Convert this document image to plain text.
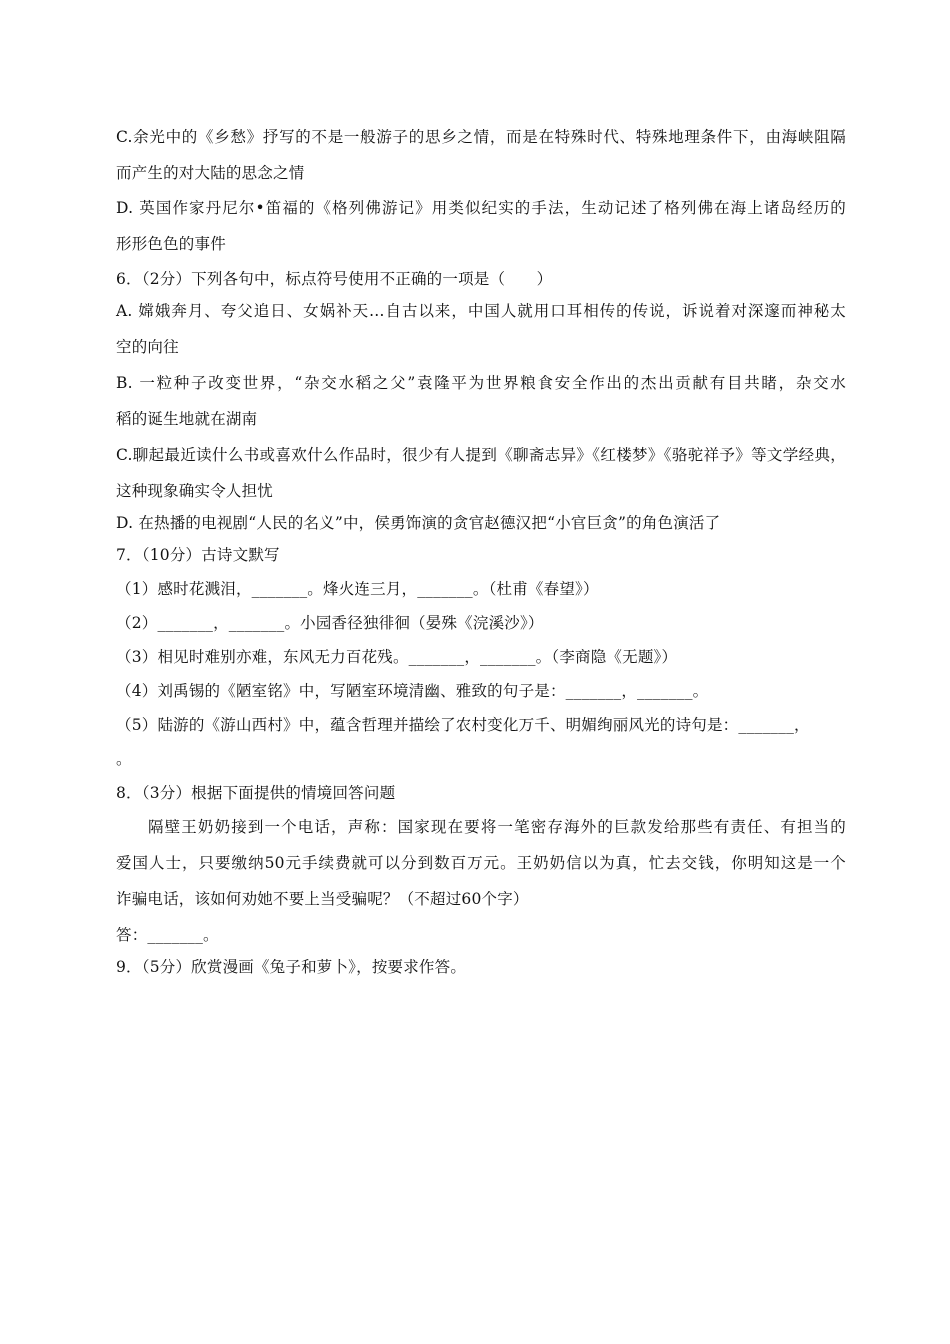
C.余光中的《乡愁》抒写的不是一般游子的思乡之情，而是在特殊时代、特殊地理条件下，由海峡阻隔
而产生的对大陆的思念之情
D. 英国作家丹尼尔•笛福的《格列佛游记》用类似纪实的手法，生动记述了格列佛在海上诸岛经历的
形形色色的事件
6．（2分）下列各句中，标点符号使用不正确的一项是（　　）
A. 嫦娥奔月、夸父追日、女娲补天…自古以来，中国人就用口耳相传的传说，诉说着对深邃而神秘太
空的向往
B. 一粒种子改变世界，“杂交水稻之父”袁隆平为世界粮食安全作出的杰出贡献有目共睹，杂交水
稻的诞生地就在湖南
C.聊起最近读什么书或喜欢什么作品时，很少有人提到《聊斋志异》《红楼梦》《骆驼祥予》等文学经典，
这种现象确实令人担忧
D. 在热播的电视剧“人民的名义”中，侯勇饰演的贪官赵德汉把“小官巨贪”的角色演活了
7．（10分）古诗文默写
（1）感时花溅泪，_______。烽火连三月，_______。（杜甫《春望》）
（2）_______，_______。小园香径独徘徊（晏殊《浣溪沙》）
（3）相见时难别亦难，东风无力百花残。_______，_______。（李商隐《无题》）
（4）刘禹锡的《陋室铭》中，写陋室环境清幽、雅致的句子是：_______，_______。
（5）陆游的《游山西村》中，蕴含哲理并描绘了农村变化万千、明媚绚丽风光的诗句是：_______，
。
8．（3分）根据下面提供的情境回答问题
隔壁王奶奶接到一个电话，声称：国家现在要将一笔密存海外的巨款发给那些有责任、有担当的
爱国人士，只要缴纳50元手续费就可以分到数百万元。王奶奶信以为真，忙去交钱，你明知这是一个
诈骗电话，该如何劝她不要上当受骗呢？（不超过60个字）
答：_______。
9．（5分）欣赏漫画《兔子和萝卜》，按要求作答。
